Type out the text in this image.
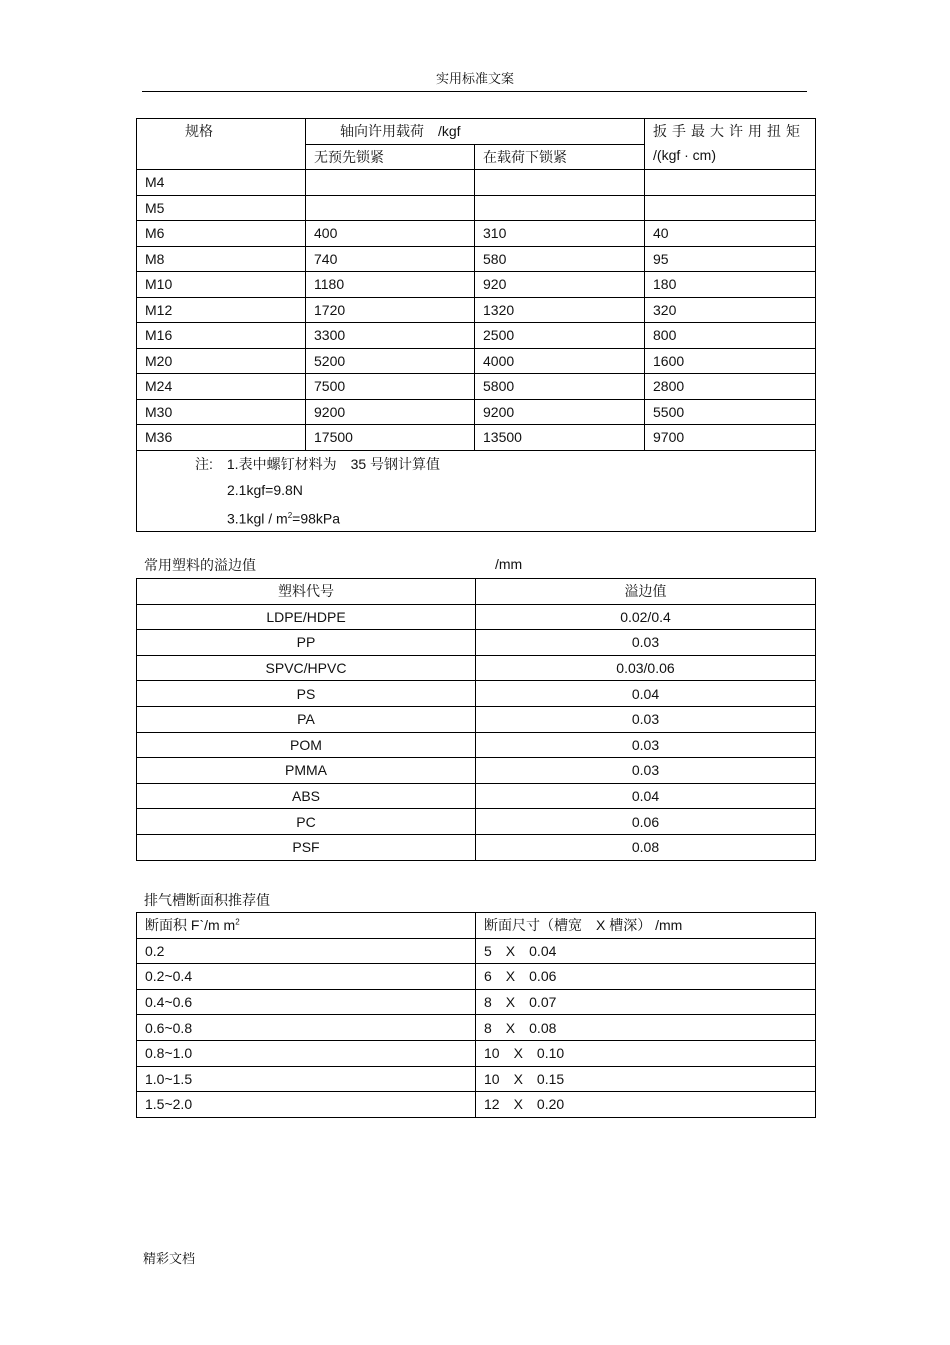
实用标准文案
规格	轴向许用载荷 /kgf		扳手最大许用扭矩
/(kgf · cm)

	无预先锁紧	在载荷下锁紧	
M4			
M5			
M6	400	310	40
M8	740	580	95
M10	1180	920	180
M12	1720	1320	320
M16	3300	2500	800
M20	5200	4000	1600
M24	7500	5800	2800
M30	9200	9200	5500
M36	17500	13500	9700

注: 1.表中螺钉材料为 35 号钢计算值
2.1kgf=9.8N
$3.1kgl / m^2=98kPa$			
常用塑料的溢边值	/mm
塑料代号	溢边值
LDPE/HDPE	0.02/0.4
PP	0.03
SPVC/HPVC	0.03/0.06
PS	0.04
PA	0.03
POM	0.03
PMMA	0.03
ABS	0.04
PC	0.06
PSF	0.08
排气槽断面积推荐值
断面积 F`/m $m^2$	断面尺寸（槽宽 X 槽深） /mm
0.2	5 X 0.04
0.2~0.4	6 X 0.06
0.4~0.6	8 X 0.07
0.6~0.8	8 X 0.08
0.8~1.0	10 X 0.10
1.0~1.5	10 X 0.15
1.5~2.0	12 X 0.20
精彩文档
